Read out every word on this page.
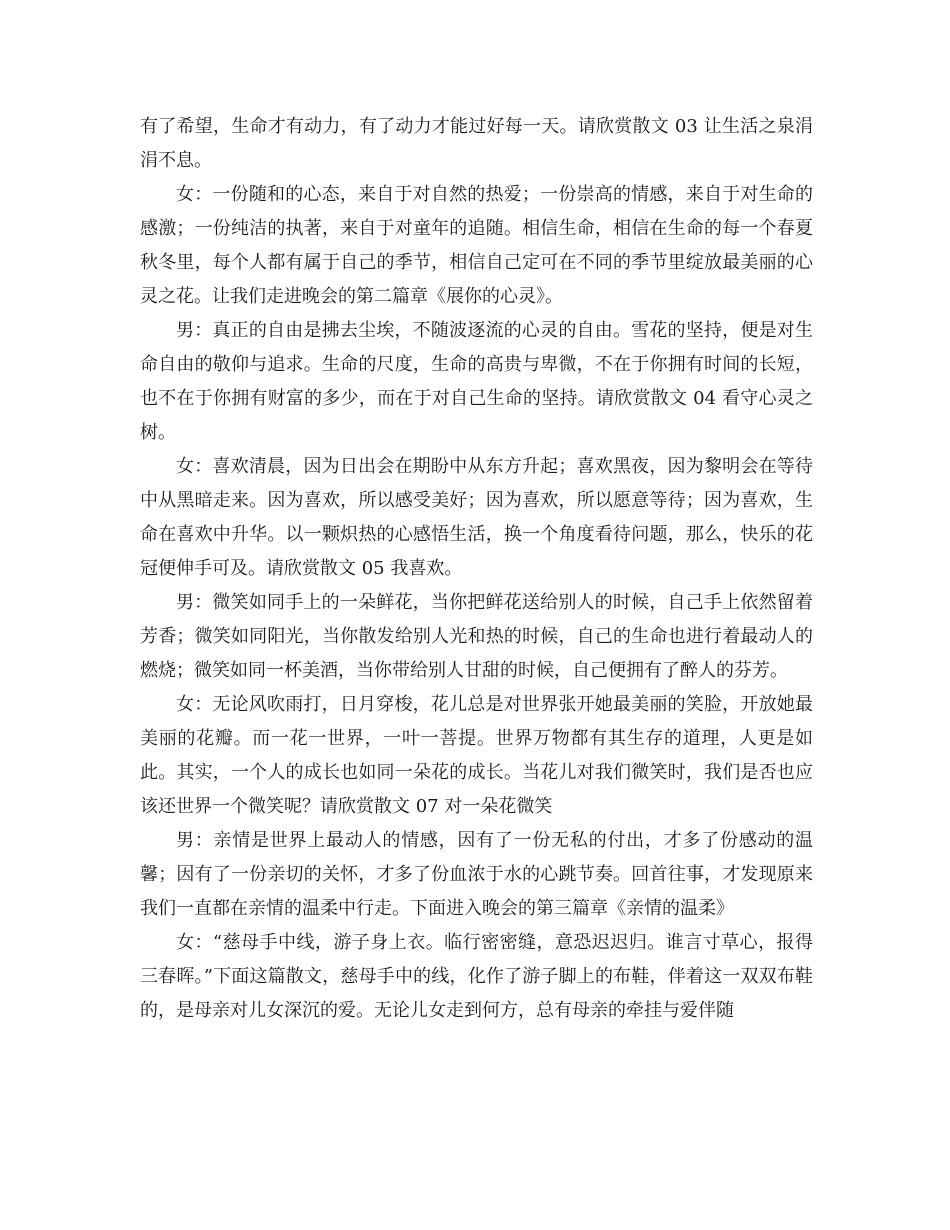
有了希望，生命才有动力，有了动力才能过好每一天。请欣赏散文 03 让生活之泉涓涓不息。

女：一份随和的心态，来自于对自然的热爱；一份崇高的情感，来自于对生命的感激；一份纯洁的执著，来自于对童年的追随。相信生命，相信在生命的每一个春夏秋冬里，每个人都有属于自己的季节，相信自己定可在不同的季节里绽放最美丽的心灵之花。让我们走进晚会的第二篇章《展你的心灵》。

男：真正的自由是拂去尘埃，不随波逐流的心灵的自由。雪花的坚持，便是对生命自由的敬仰与追求。生命的尺度，生命的高贵与卑微，不在于你拥有时间的长短，也不在于你拥有财富的多少，而在于对自己生命的坚持。请欣赏散文 04 看守心灵之树。

女：喜欢清晨，因为日出会在期盼中从东方升起；喜欢黑夜，因为黎明会在等待中从黑暗走来。因为喜欢，所以感受美好；因为喜欢，所以愿意等待；因为喜欢，生命在喜欢中升华。以一颗炽热的心感悟生活，换一个角度看待问题，那么，快乐的花冠便伸手可及。请欣赏散文 05 我喜欢。

男：微笑如同手上的一朵鲜花，当你把鲜花送给别人的时候，自己手上依然留着芳香；微笑如同阳光，当你散发给别人光和热的时候，自己的生命也进行着最动人的燃烧；微笑如同一杯美酒，当你带给别人甘甜的时候，自己便拥有了醉人的芬芳。

女：无论风吹雨打，日月穿梭，花儿总是对世界张开她最美丽的笑脸，开放她最美丽的花瓣。而一花一世界，一叶一菩提。世界万物都有其生存的道理，人更是如此。其实，一个人的成长也如同一朵花的成长。当花儿对我们微笑时，我们是否也应该还世界一个微笑呢？请欣赏散文 07 对一朵花微笑

男：亲情是世界上最动人的情感，因有了一份无私的付出，才多了份感动的温馨；因有了一份亲切的关怀，才多了份血浓于水的心跳节奏。回首往事，才发现原来我们一直都在亲情的温柔中行走。下面进入晚会的第三篇章《亲情的温柔》

女：“慈母手中线，游子身上衣。临行密密缝，意恐迟迟归。谁言寸草心，报得三春晖。”下面这篇散文，慈母手中的线，化作了游子脚上的布鞋，伴着这一双双布鞋的，是母亲对儿女深沉的爱。无论儿女走到何方，总有母亲的牵挂与爱伴随
